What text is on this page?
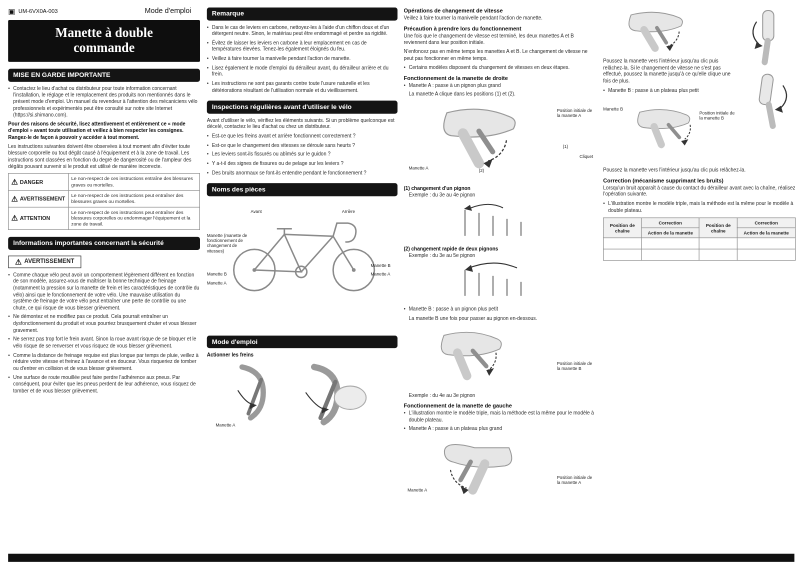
▣ UM-6VX0A-003	Mode d'emploi
Manette à double
commande
MISE EN GARDE IMPORTANTE
• Contactez le lieu d'achat ou distributeur pour toute information concernant l'installation, le réglage et le remplacement des produits non mentionnés dans le présent mode d'emploi. Un manuel du revendeur à l'attention des mécaniciens vélo professionnels et expérimentés peut être consulté sur notre site Internet (https://si.shimano.com).

Pour des raisons de sécurité, lisez attentivement et entièrement ce « mode d'emploi » avant toute utilisation et veillez à bien respecter les consignes. Rangez-le de façon à pouvoir y accéder à tout moment.

Les instructions suivantes doivent être observées à tout moment afin d'éviter toute blessure corporelle ou tout dégât causé à l'équipement et à la zone de travail. Les instructions sont classées en fonction du degré de dangerosité ou de l'ampleur des dégâts pouvant survenir si le produit est utilisé de manière incorrecte.

⚠ DANGER	Le non-respect de ces instructions entraîne des blessures graves ou mortelles.

⚠ AVERTISSEMENT	Le non-respect de ces instructions peut entraîner des blessures graves ou mortelles.

⚠ ATTENTION	Le non-respect de ces instructions peut entraîner des blessures corporelles ou endommager l'équipement et la zone de travail.
Informations importantes concernant la sécurité
⚠ AVERTISSEMENT
• Comme chaque vélo peut avoir un comportement légèrement différent en fonction de son modèle, assurez-vous de maîtriser la bonne technique de freinage (notamment la pression sur la manette de frein et les caractéristiques de contrôle du vélo) ainsi que le fonctionnement de votre vélo. Une mauvaise utilisation du système de freinage de votre vélo peut entraîner une perte de contrôle ou une chute, ce qui risque de vous blesser grièvement.
• Ne démontez et ne modifiez pas ce produit. Cela pourrait entraîner un dysfonctionnement du produit et vous pourriez brusquement chuter et vous blesser gravement.
• Ne serrez pas trop fort le frein avant. Sinon la roue avant risque de se bloquer et le vélo risque de se renverser et vous risquez de vous blesser grièvement.
• Comme la distance de freinage requise est plus longue par temps de pluie, veillez à réduire votre vitesse et freinez à l'avance et en douceur. Vous risqueriez de tomber ou d'entrer en collision et de vous blesser grièvement.
• Une surface de route mouillée peut faire perdre l'adhérence aux pneus. Par conséquent, pour éviter que les pneus perdent de leur adhérence, vous risquez de tomber et de vous blesser grièvement.
Remarque
• Dans le cas de leviers en carbone, nettoyez-les à l'aide d'un chiffon doux et d'un détergent neutre. Sinon, le matériau peut être endommagé et perdre sa rigidité.
• Évitez de laisser les leviers en carbone à leur emplacement en cas de températures élevées. Tenez-les également éloignés du feu.
• Veillez à faire tourner la manivelle pendant l'action de manette.
• Lisez également le mode d'emploi du dérailleur avant, du dérailleur arrière et du frein.
• Les instructions ne sont pas garants contre toute l'usure naturelle et les détériorations résultant de l'utilisation normale et du vieillissement.
Inspections régulières avant d'utiliser le vélo

Avant d'utiliser le vélo, vérifiez les éléments suivants. Si un problème quelconque est décelé, contactez le lieu d'achat ou chez un distributeur.

• Est-ce que les freins avant et arrière fonctionnent correctement ?
• Est-ce que le changement des vitesses se déroule sans heurts ?
• Les leviers sont-ils fissurés ou abîmés sur le guidon ?
• Y a-t-il des signes de fissures ou de pelage sur les leviers ?
• Des bruits anormaux se font-ils entendre pendant le fonctionnement ?
Noms des pièces
Avant	Arrière
Manette (manette de fonctionnement de changement de vitesses)
Manette B
Manette A
Manette B
Manette A
Mode d'emploi

Actionner les freins

Manette A

Opérations de changement de vitesse

Veillez à faire tourner la manivelle pendant l'action de manette.

Précaution à prendre lors du fonctionnement

Une fois que le changement de vitesse est terminé, les deux manettes A et B reviennent dans leur position initiale.

N'enfoncez pas en même temps les manettes A et B. Le changement de vitesse ne peut pas fonctionner en même temps.

• Certains modèles disposent du changement de vitesses en deux étapes.

Fonctionnement de la manette de droite

• Manette A : passe à un pignon plus grand

La manette A clique dans les positions (1) et (2).

Manette A
Position initiale de la manette A
Cliquet
(1)
(2)

(1) changement d'un pignon

Exemple : du 3e au 4e pignon

(2) changement rapide de deux pignons

Exemple : du 3e au 5e pignon

• Manette B : passe à un pignon plus petit

La manette B une fois pour passer au pignon en-dessous.

Position initiale de la manette B

Exemple : du 4e au 3e pignon

Fonctionnement de la manette de gauche

• L'illustration montre le modèle triple, mais la méthode est la même pour le modèle à double plateau.
• Manette A : passe à un plateau plus grand
Manette A
Position initiale de la manette A

Poussez la manette vers l'intérieur jusqu'au clic puis relâchez-la. Si le changement de vitesse ne s'est pas effectué, poussez la manette jusqu'à ce qu'elle clique une fois de plus.

• Manette B : passe à un plateau plus petit
Manette B
Position initiale de la manette B

Poussez la manette vers l'intérieur jusqu'au clic puis relâchez-la.

Correction (mécanisme supprimant les bruits)

Lorsqu'un bruit apparaît à cause du contact du dérailleur avant avec la chaîne, réalisez l'opération suivante.

• L'illustration montre le modèle triple, mais la méthode est la même pour le modèle à double plateau.
Position de chaîne	Correction	Position de chaîne	Correction
	Action de la manette		Action de la manette
